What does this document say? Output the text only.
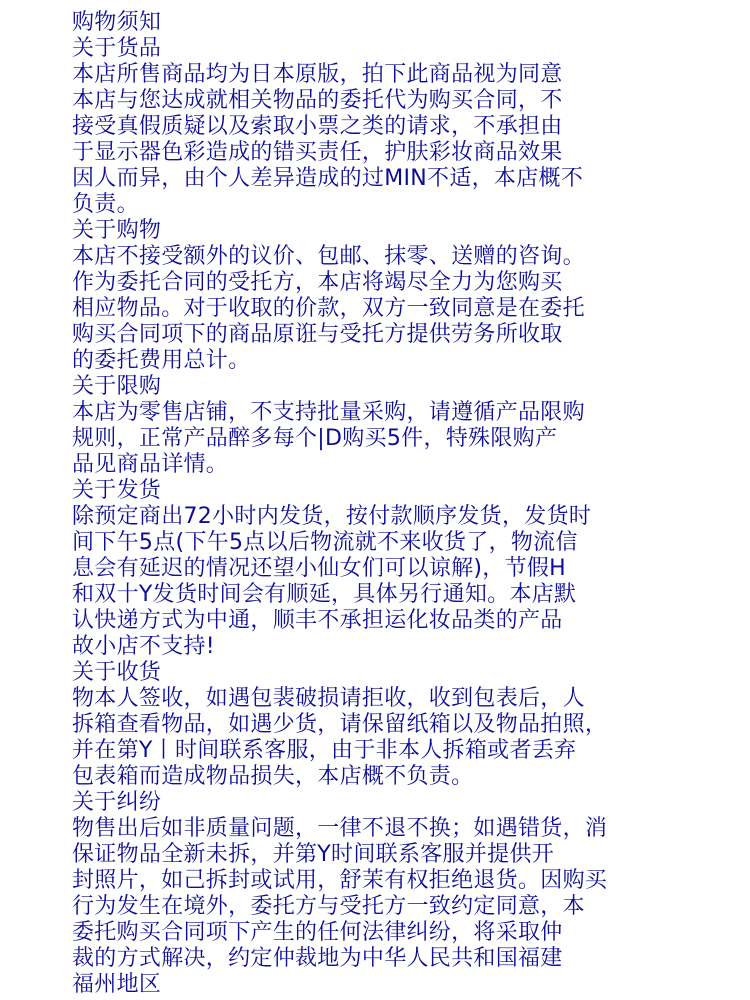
购物须知
关于货品
本店所售商品均为日本原版，拍下此商品视为同意
本店与您达成就相关物品的委托代为购买合同，不
接受真假质疑以及索取小票之类的请求，不承担由
于显示器色彩造成的错买责任，护肤彩妆商品效果
因人而异，由个人差异造成的过MIN不适，本店概不
负责。
关于购物
本店不接受额外的议价、包邮、抹零、送赠的咨询。
作为委托合同的受托方，本店将竭尽全力为您购买
相应物品。对于收取的价款，双方一致同意是在委托
购买合同项下的商品原诳与受托方提供劳务所收取
的委托费用总计。
关于限购
本店为零售店铺，不支持批量采购，请遵循产品限购
规则，正常产品醉多每个|D购买5件，特殊限购产
品见商品详情。
关于发货
除预定商出72小时内发货，按付款顺序发货，发货时
间下午5点(下午5点以后物流就不来收货了，物流信
息会有延迟的情况还望小仙女们可以谅解)，节假H
和双十Y发货时间会有顺延，具体另行通知。本店默
认快递方式为中通，顺丰不承担运化妆品类的产品
故小店不支持!
关于收货
物本人签收，如遇包裴破损请拒收，收到包表后，人
拆箱查看物品，如遇少货，请保留纸箱以及物品拍照，
并在第Y丨时间联系客服，由于非本人拆箱或者丢弃
包表箱而造成物品损失，本店概不负责。
关于纠纷
物售出后如非质量问题，一律不退不换；如遇错货，消
保证物品全新未拆，并第Y时间联系客服并提供开
封照片，如己拆封或试用，舒茉有权拒绝退货。因购买
行为发生在境外，委托方与受托方一致约定同意，本
委托购买合同项下产生的任何法律纠纷，将采取仲
裁的方式解决，约定仲裁地为中华人民共和国福建
福州地区
